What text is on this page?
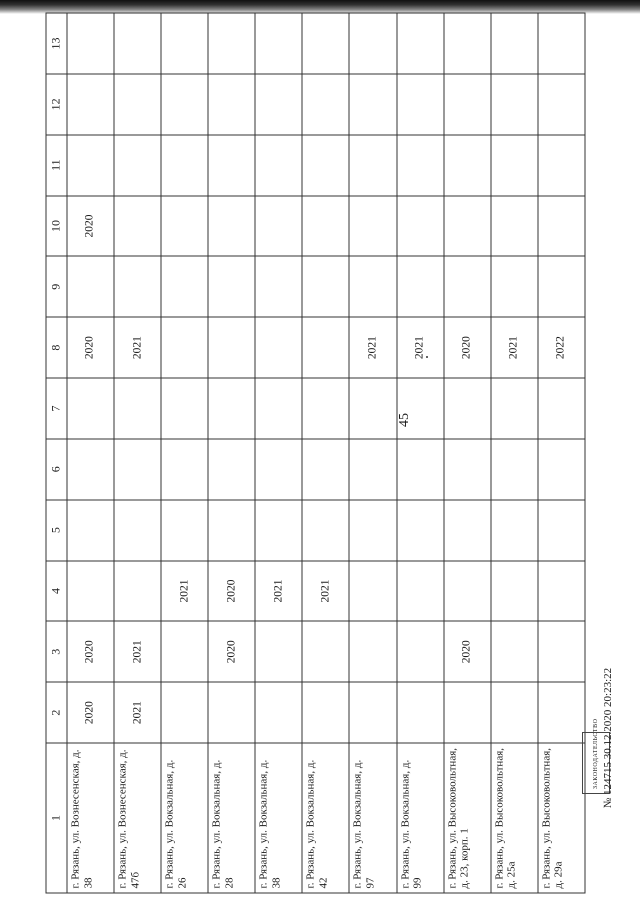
1	2	3	4	5	6	7	8	9	10	11	12	13
г. Рязань, ул. Вознесенская, д. 38	2020	2020					2020		2020			
г. Рязань, ул. Вознесенская, д. 47б	2021	2021					2021					
г. Рязань, ул. Вокзальная, д. 26			2021									
г. Рязань, ул. Вокзальная, д. 28		2020	2020									
г. Рязань, ул. Вокзальная, д. 38			2021									
г. Рязань, ул. Вокзальная, д. 42			2021									
г. Рязань, ул. Вокзальная, д. 97							2021					
г. Рязань, ул. Вокзальная, д. 99							2021					
г. Рязань, ул. Высоковольтная, д. 23, корп. 1		2020					2020					
г. Рязань, ул. Высоковольтная, д. 25а							2021					
г. Рязань, ул. Высоковольтная, д. 29а							2022					
45
ЗАКОНОДАТЕЛЬСТВО № 124715 30.12.2020 20:23:22
